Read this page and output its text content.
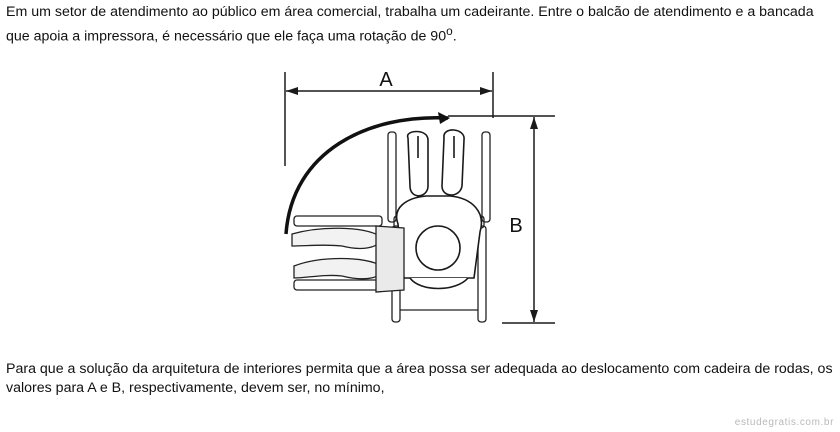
Em um setor de atendimento ao público em área comercial, trabalha um cadeirante. Entre o balcão de atendimento e a bancada que apoia a impressora, é necessário que ele faça uma rotação de 90$^o$.

A
B

Para que a solução da arquitetura de interiores permita que a área possa ser adequada ao deslocamento com cadeira de rodas, os valores para A e B, respectivamente, devem ser, no mínimo,

estudegratis.com.br
